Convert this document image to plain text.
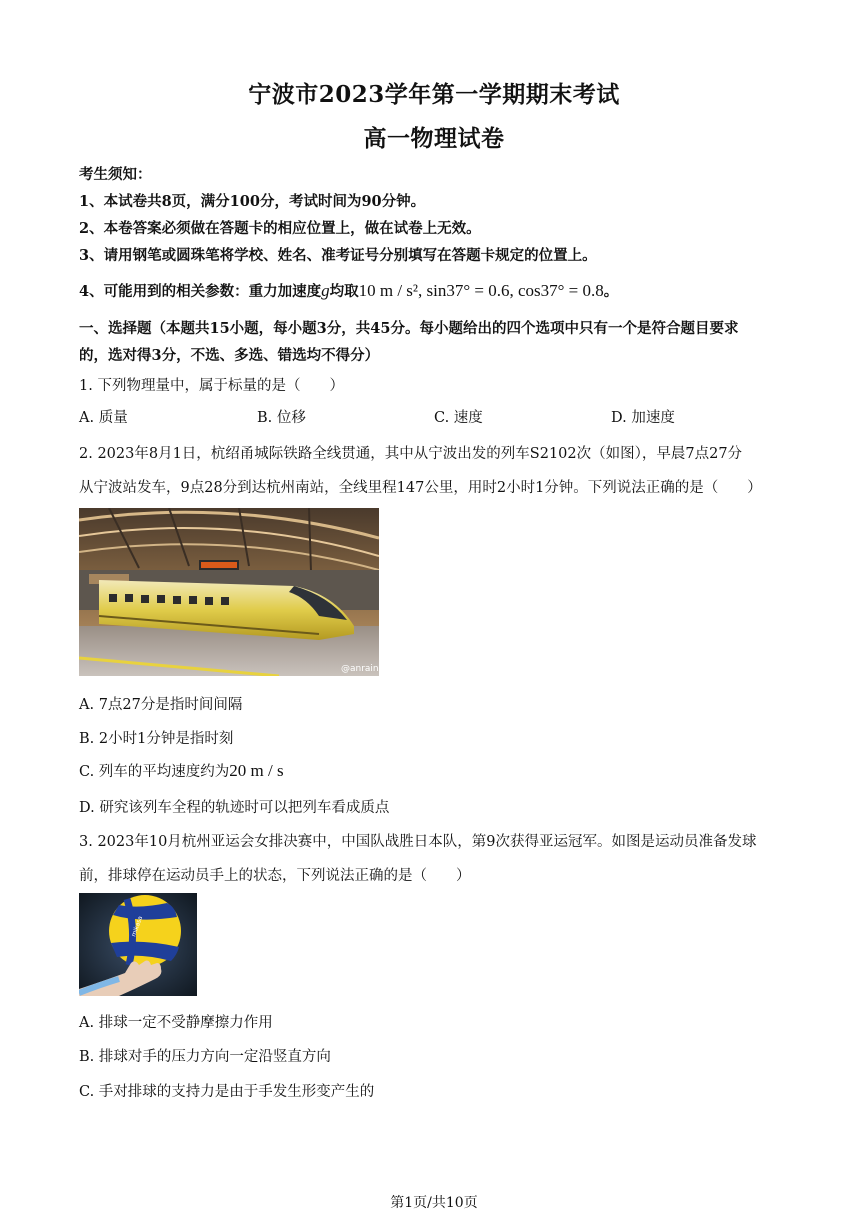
宁波市2023学年第一学期期末考试
高一物理试卷
考生须知：
1、本试卷共8页，满分100分，考试时间为90分钟。
2、本卷答案必须做在答题卡的相应位置上，做在试卷上无效。
3、请用钢笔或圆珠笔将学校、姓名、准考证号分别填写在答题卡规定的位置上。
4、可能用到的相关参数：重力加速度g均取10 m / s², sin37° = 0.6, cos37° = 0.8。
一、选择题（本题共15小题，每小题3分，共45分。每小题给出的四个选项中只有一个是符合题目要求
的，选对得3分，不选、多选、错选均不得分）
1. 下列物理量中，属于标量的是（　　）
A. 质量	B. 位移	C. 速度	D. 加速度
2. 2023年8月1日，杭绍甬城际铁路全线贯通，其中从宁波出发的列车S2102次（如图），早晨7点27分
从宁波站发车，9点28分到达杭州南站，全线里程147公里，用时2小时1分钟。下列说法正确的是（　　）
@anrain
A. 7点27分是指时间间隔
B. 2小时1分钟是指时刻
C. 列车的平均速度约为20 m / s
D. 研究该列车全程的轨迹时可以把列车看成质点
3. 2023年10月杭州亚运会女排决赛中，中国队战胜日本队，第9次获得亚运冠军。如图是运动员准备发球
前，排球停在运动员手上的状态，下列说法正确的是（　　）
mikasa
A. 排球一定不受静摩擦力作用
B. 排球对手的压力方向一定沿竖直方向
C. 手对排球的支持力是由于手发生形变产生的
第1页/共10页
